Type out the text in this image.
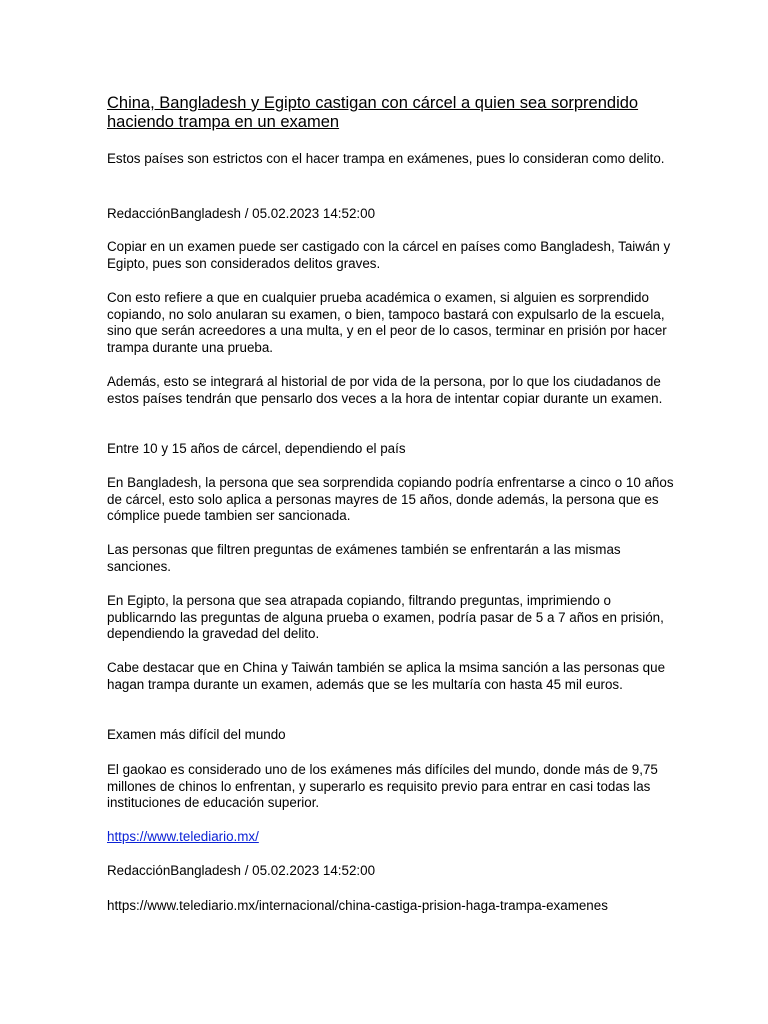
China, Bangladesh y Egipto castigan con cárcel a quien sea sorprendido haciendo trampa en un examen

Estos países son estrictos con el hacer trampa en exámenes, pues lo consideran como delito.

RedacciónBangladesh / 05.02.2023 14:52:00

Copiar en un examen puede ser castigado con la cárcel en países como Bangladesh, Taiwán y Egipto, pues son considerados delitos graves.

Con esto refiere a que en cualquier prueba académica o examen, si alguien es sorprendido copiando, no solo anularan su examen, o bien, tampoco bastará con expulsarlo de la escuela, sino que serán acreedores a una multa, y en el peor de lo casos, terminar en prisión por hacer trampa durante una prueba.

Además, esto se integrará al historial de por vida de la persona, por lo que los ciudadanos de estos países tendrán que pensarlo dos veces a la hora de intentar copiar durante un examen.

Entre 10 y 15 años de cárcel, dependiendo el país

En Bangladesh, la persona que sea sorprendida copiando podría enfrentarse a cinco o 10 años de cárcel, esto solo aplica a personas mayres de 15 años, donde además, la persona que es cómplice puede tambien ser sancionada.

Las personas que filtren preguntas de exámenes también se enfrentarán a las mismas sanciones.

En Egipto, la persona que sea atrapada copiando, filtrando preguntas, imprimiendo o publicarndo las preguntas de alguna prueba o examen, podría pasar de 5 a 7 años en prisión, dependiendo la gravedad del delito.

Cabe destacar que en China y Taiwán también se aplica la msima sanción a las personas que hagan trampa durante un examen, además que se les multaría con hasta 45 mil euros.

Examen más difícil del mundo

El gaokao es considerado uno de los exámenes más difíciles del mundo, donde más de 9,75 millones de chinos lo enfrentan, y superarlo es requisito previo para entrar en casi todas las instituciones de educación superior.

https://www.telediario.mx/

RedacciónBangladesh / 05.02.2023 14:52:00

https://www.telediario.mx/internacional/china-castiga-prision-haga-trampa-examenes
